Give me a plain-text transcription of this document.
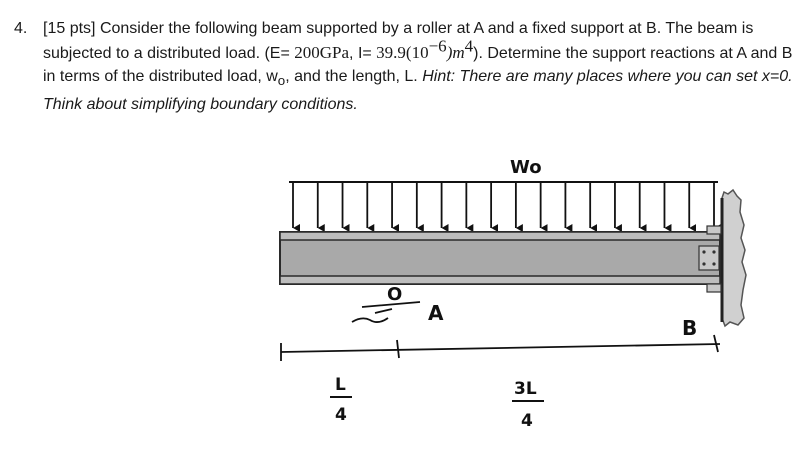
4. [15 pts] Consider the following beam supported by a roller at A and a fixed support at B. The beam is subjected to a distributed load. (E= 200GPa, $I= 39.9(10^{-6})m^4$). Determine the support reactions at A and B in terms of the distributed load, $w_o$, and the length, L. Hint: There are many places where you can set x=0. Think about simplifying boundary conditions.
Wo
O
A
B
L
4
3L
4
